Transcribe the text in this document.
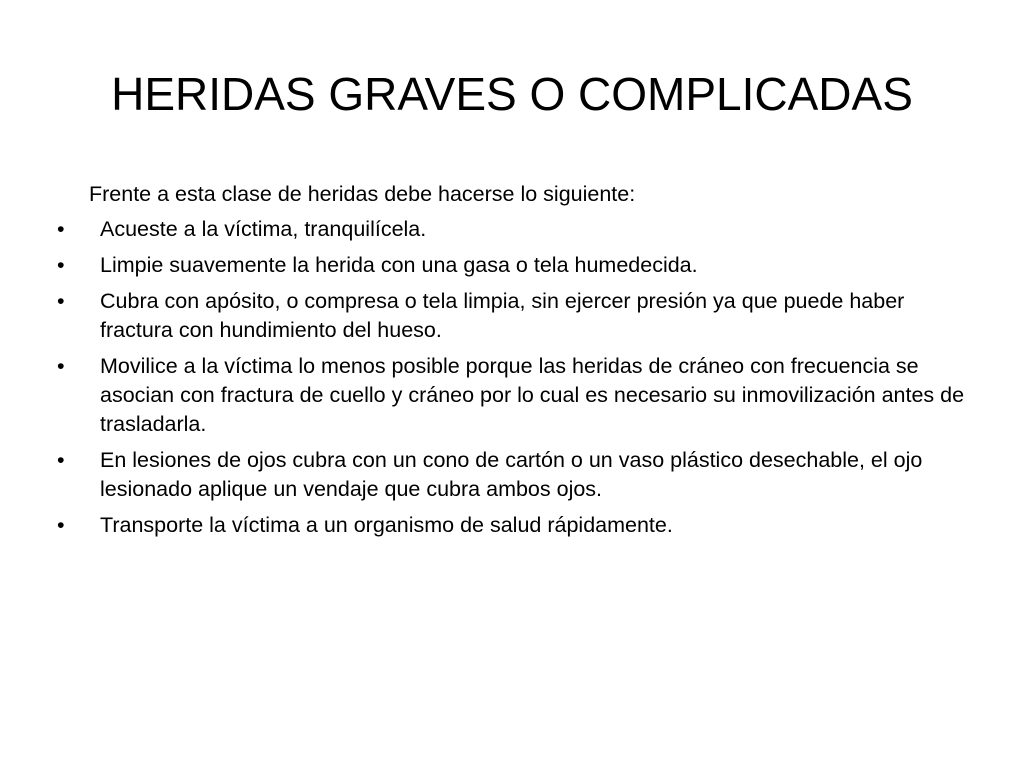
HERIDAS GRAVES O COMPLICADAS

Frente a esta clase de heridas debe hacerse lo siguiente:

•	Acueste a la víctima, tranquilícela.
•	Limpie suavemente la herida con una gasa o tela humedecida.
•	Cubra con apósito, o compresa o tela limpia, sin ejercer presión ya que puede haber fractura con hundimiento del hueso.
•	Movilice a la víctima lo menos posible porque las heridas de cráneo con frecuencia se asocian con fractura de cuello y cráneo por lo cual es necesario su inmovilización antes de trasladarla.
•	En lesiones de ojos cubra con un cono de cartón o un vaso plástico desechable, el ojo lesionado aplique un vendaje que cubra ambos ojos.
•	Transporte la víctima a un organismo de salud rápidamente.
